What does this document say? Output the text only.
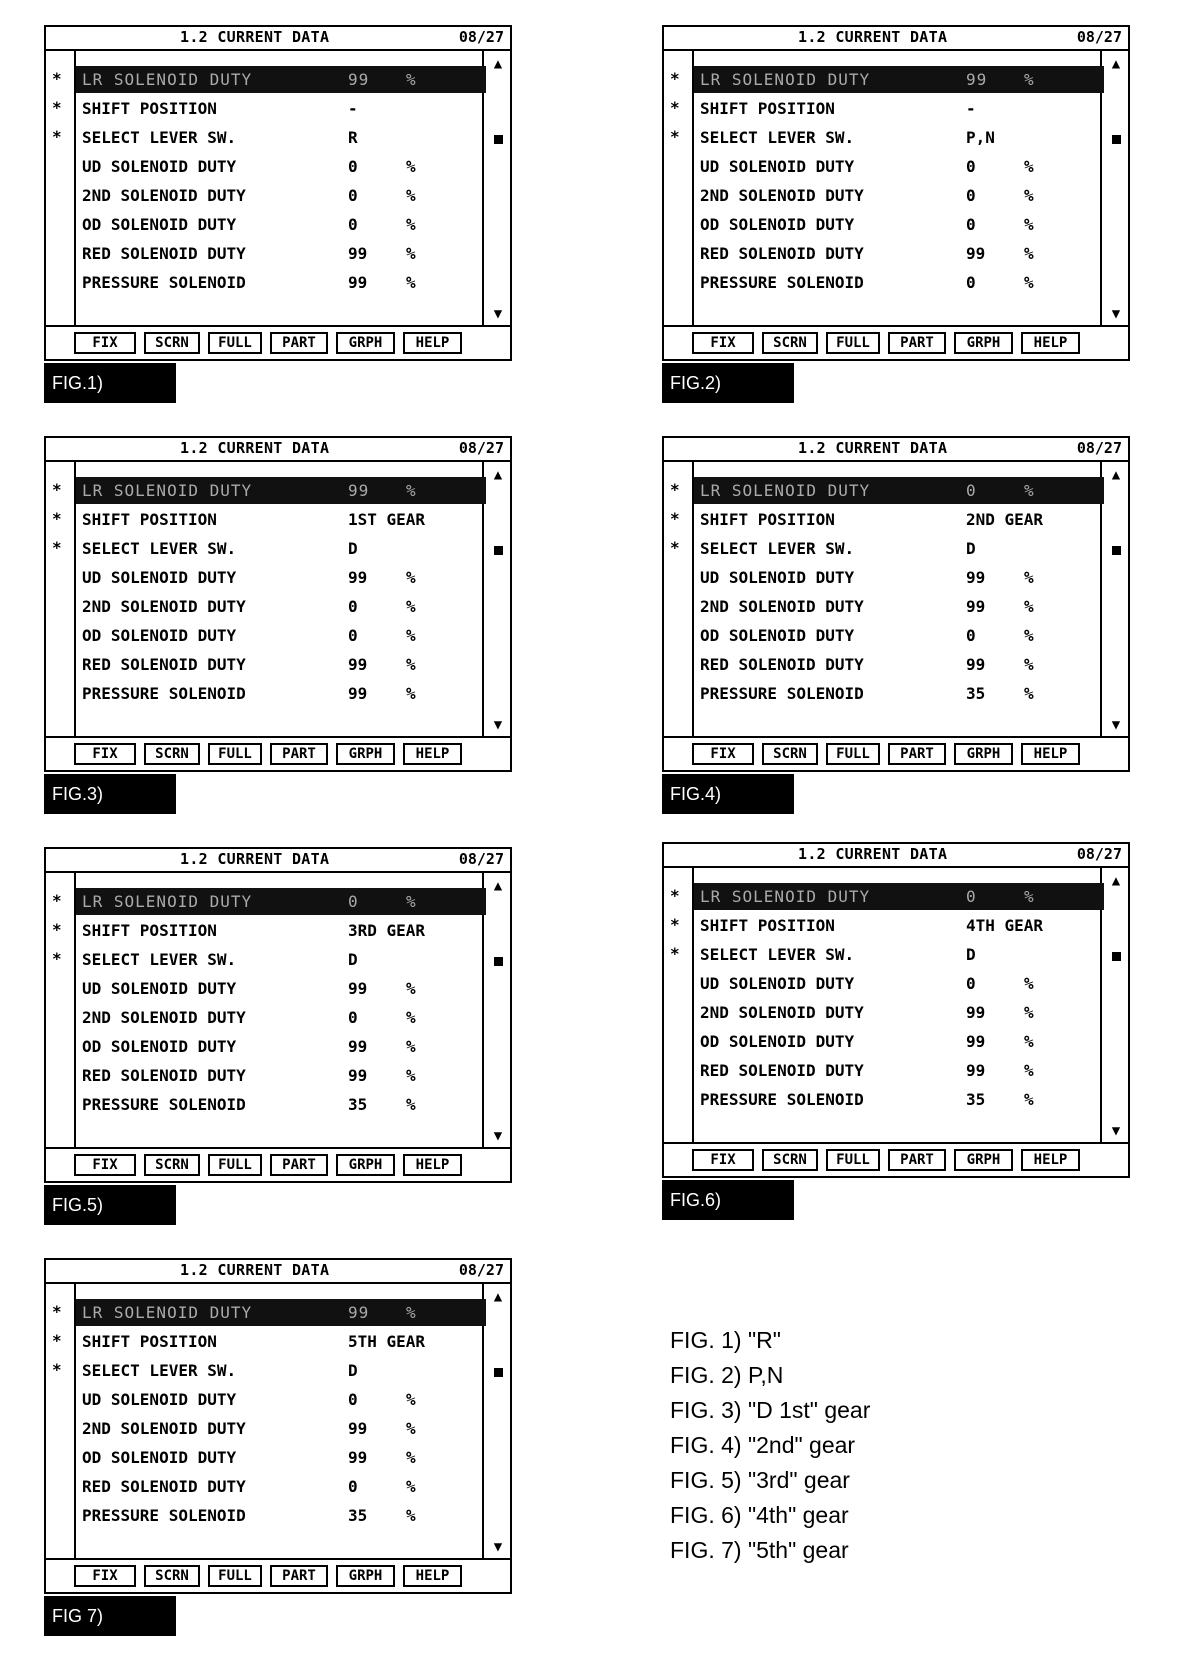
1.2 CURRENT DATA	08/27
▲
▼
*	LR SOLENOID DUTY	99 %
*	SHIFT POSITION	-
*	SELECT LEVER SW.	R
UD SOLENOID DUTY	0	%
2ND SOLENOID DUTY	0	%
OD SOLENOID DUTY	0	%
RED SOLENOID DUTY	99 %
PRESSURE SOLENOID	99 %
FIX	SCRN	FULL	PART	GRPH	HELP
FIG.1)
1.2 CURRENT DATA	08/27
▲
▼
*	LR SOLENOID DUTY	99 %
*	SHIFT POSITION	-
*	SELECT LEVER SW.	P,N
UD SOLENOID DUTY	0	%
2ND SOLENOID DUTY	0	%
OD SOLENOID DUTY	0	%
RED SOLENOID DUTY	99 %
PRESSURE SOLENOID	0	%
FIX	SCRN	FULL	PART	GRPH	HELP
FIG.2)
1.2 CURRENT DATA	08/27
▲
▼
*	LR SOLENOID DUTY	99 %
*	SHIFT POSITION	1ST GEAR
*	SELECT LEVER SW.	D
UD SOLENOID DUTY	99 %
2ND SOLENOID DUTY	0	%
OD SOLENOID DUTY	0	%
RED SOLENOID DUTY	99 %
PRESSURE SOLENOID	99 %
FIX	SCRN	FULL	PART	GRPH	HELP
FIG.3)
1.2 CURRENT DATA	08/27
▲
▼
*	LR SOLENOID DUTY	0	%
*	SHIFT POSITION	2ND GEAR
*	SELECT LEVER SW.	D
UD SOLENOID DUTY	99 %
2ND SOLENOID DUTY	99 %
OD SOLENOID DUTY	0	%
RED SOLENOID DUTY	99 %
PRESSURE SOLENOID	35 %
FIX	SCRN	FULL	PART	GRPH	HELP
FIG.4)
1.2 CURRENT DATA	08/27
▲
▼
*	LR SOLENOID DUTY	0	%
*	SHIFT POSITION	3RD GEAR
*	SELECT LEVER SW.	D
UD SOLENOID DUTY	99 %
2ND SOLENOID DUTY	0	%
OD SOLENOID DUTY	99 %
RED SOLENOID DUTY	99 %
PRESSURE SOLENOID	35 %
FIX	SCRN	FULL	PART	GRPH	HELP
FIG.5)
1.2 CURRENT DATA	08/27
▲
▼
*	LR SOLENOID DUTY	0	%
*	SHIFT POSITION	4TH GEAR
*	SELECT LEVER SW.	D
UD SOLENOID DUTY	0	%
2ND SOLENOID DUTY	99 %
OD SOLENOID DUTY	99 %
RED SOLENOID DUTY	99 %
PRESSURE SOLENOID	35 %
FIX	SCRN	FULL	PART	GRPH	HELP
FIG.6)
1.2 CURRENT DATA	08/27
▲
▼
*	LR SOLENOID DUTY	99 %
*	SHIFT POSITION	5TH GEAR
*	SELECT LEVER SW.	D
UD SOLENOID DUTY	0	%
2ND SOLENOID DUTY	99 %
OD SOLENOID DUTY	99 %
RED SOLENOID DUTY	0	%
PRESSURE SOLENOID	35 %
FIX	SCRN	FULL	PART	GRPH	HELP
FIG 7)
FIG. 1) "R"
FIG. 2) P,N
FIG. 3) "D 1st" gear
FIG. 4) "2nd" gear
FIG. 5) "3rd" gear
FIG. 6) "4th" gear
FIG. 7) "5th" gear
